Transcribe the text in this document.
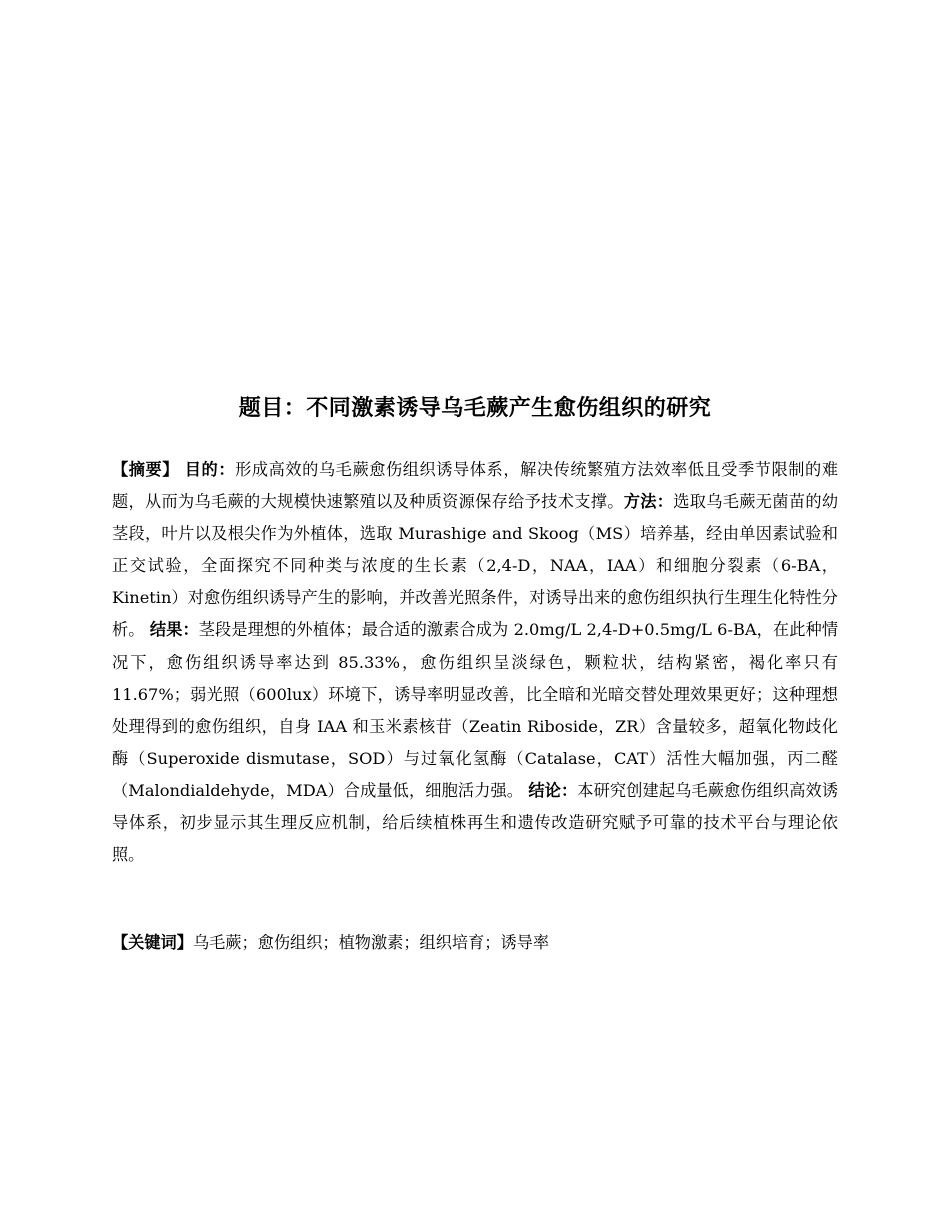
题目：不同激素诱导乌毛蕨产生愈伤组织的研究
【摘要】 目的：形成高效的乌毛蕨愈伤组织诱导体系，解决传统繁殖方法效率低且受季节限制的难题，从而为乌毛蕨的大规模快速繁殖以及种质资源保存给予技术支撑。方法：选取乌毛蕨无菌苗的幼茎段，叶片以及根尖作为外植体，选取 Murashige and Skoog（MS）培养基，经由单因素试验和正交试验，全面探究不同种类与浓度的生长素（2,4-D，NAA，IAA）和细胞分裂素（6-BA，Kinetin）对愈伤组织诱导产生的影响，并改善光照条件，对诱导出来的愈伤组织执行生理生化特性分析。 结果：茎段是理想的外植体；最合适的激素合成为 2.0mg/L 2,4-D+0.5mg/L 6-BA，在此种情况下，愈伤组织诱导率达到 85.33%，愈伤组织呈淡绿色，颗粒状，结构紧密，褐化率只有 11.67%；弱光照（600lux）环境下，诱导率明显改善，比全暗和光暗交替处理效果更好；这种理想处理得到的愈伤组织，自身 IAA 和玉米素核苷（Zeatin Riboside，ZR）含量较多，超氧化物歧化酶（Superoxide dismutase，SOD）与过氧化氢酶（Catalase，CAT）活性大幅加强，丙二醛（Malondialdehyde，MDA）合成量低，细胞活力强。 结论：本研究创建起乌毛蕨愈伤组织高效诱导体系，初步显示其生理反应机制，给后续植株再生和遗传改造研究赋予可靠的技术平台与理论依照。
【关键词】乌毛蕨；愈伤组织；植物激素；组织培育；诱导率
